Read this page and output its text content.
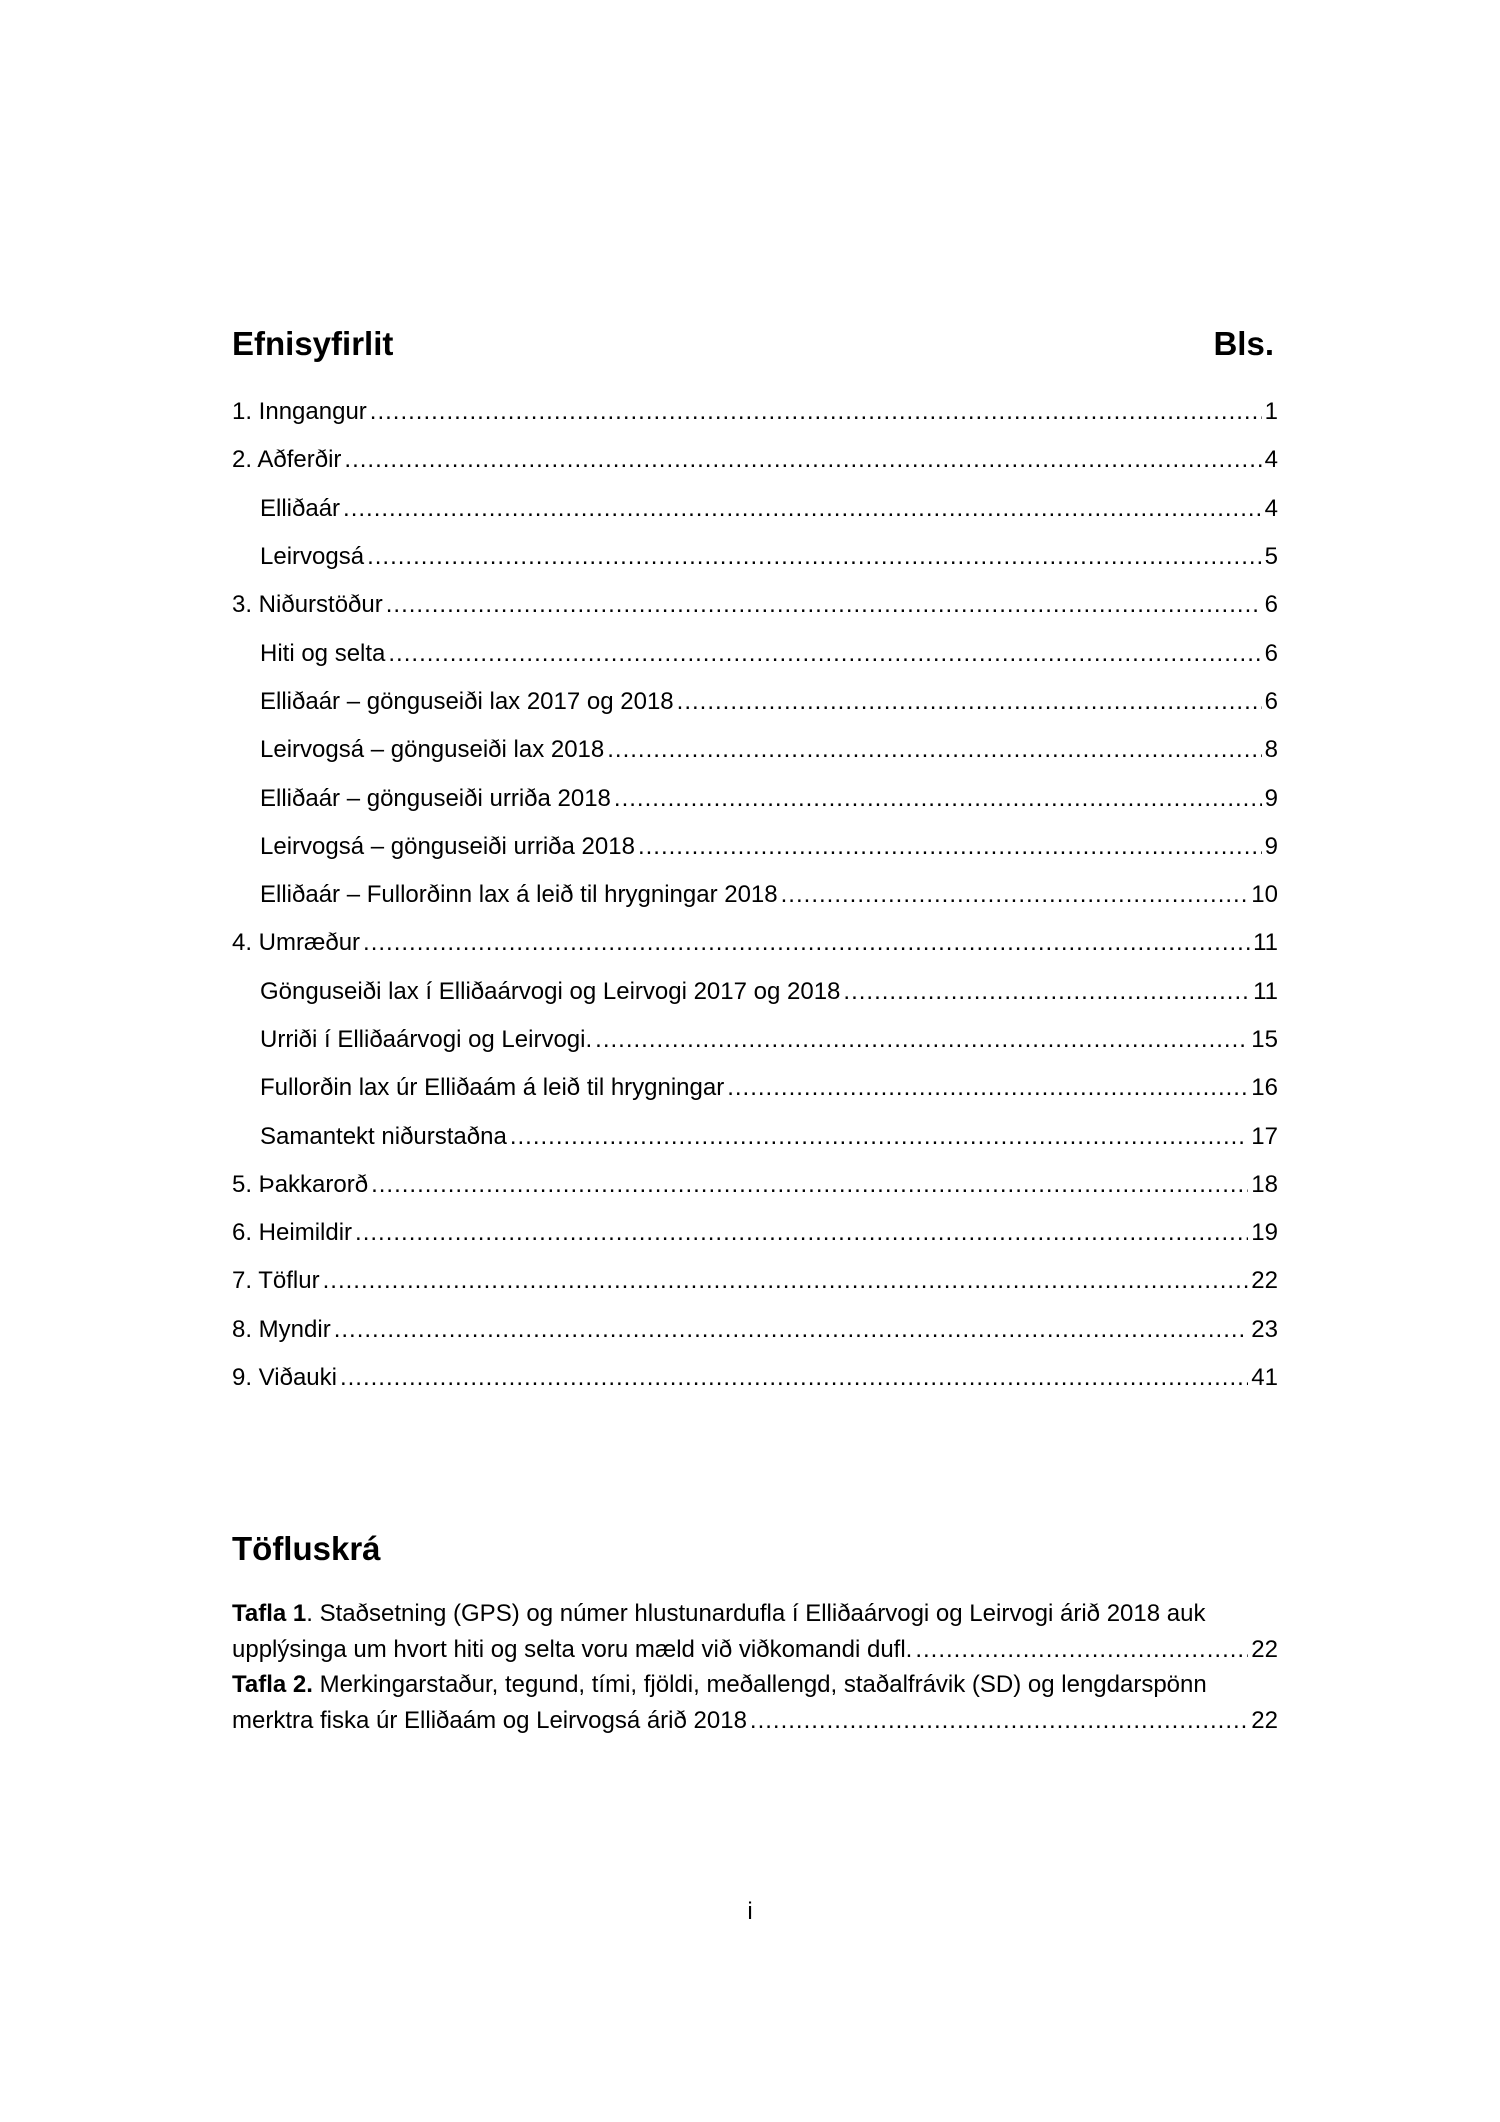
Efnisyfirlit	Bls.
1. Inngangur .....	1
2. Aðferðir .....	4
Elliðaár .....	4
Leirvogsá .....	5
3. Niðurstöður .....	6
Hiti og selta .....	6
Elliðaár – gönguseiði lax 2017 og 2018 .....	6
Leirvogsá – gönguseiði lax 2018 .....	8
Elliðaár – gönguseiði urriða 2018 .....	9
Leirvogsá – gönguseiði urriða 2018 .....	9
Elliðaár – Fullorðinn lax á leið til hrygningar 2018 .....	10
4. Umræður .....	11
Gönguseiði lax í Elliðaárvogi og Leirvogi 2017 og 2018 .....	11
Urriði í Elliðaárvogi og Leirvogi. .....	15
Fullorðin lax úr Elliðaám á leið til hrygningar .....	16
Samantekt niðurstaðna .....	17
5. Þakkarorð .....	18
6. Heimildir .....	19
7. Töflur .....	22
8. Myndir .....	23
9. Viðauki .....	41
Töfluskrá

Tafla 1. Staðsetning (GPS) og númer hlustunardufla í Elliðaárvogi og Leirvogi árið 2018 auk
upplýsinga um hvort hiti og selta voru mæld við viðkomandi dufl. .....	22

Tafla 2. Merkingarstaður, tegund, tími, fjöldi, meðallengd, staðalfrávik (SD) og lengdarspönn
merktra fiska úr Elliðaám og Leirvogsá árið 2018 .....	22

i
